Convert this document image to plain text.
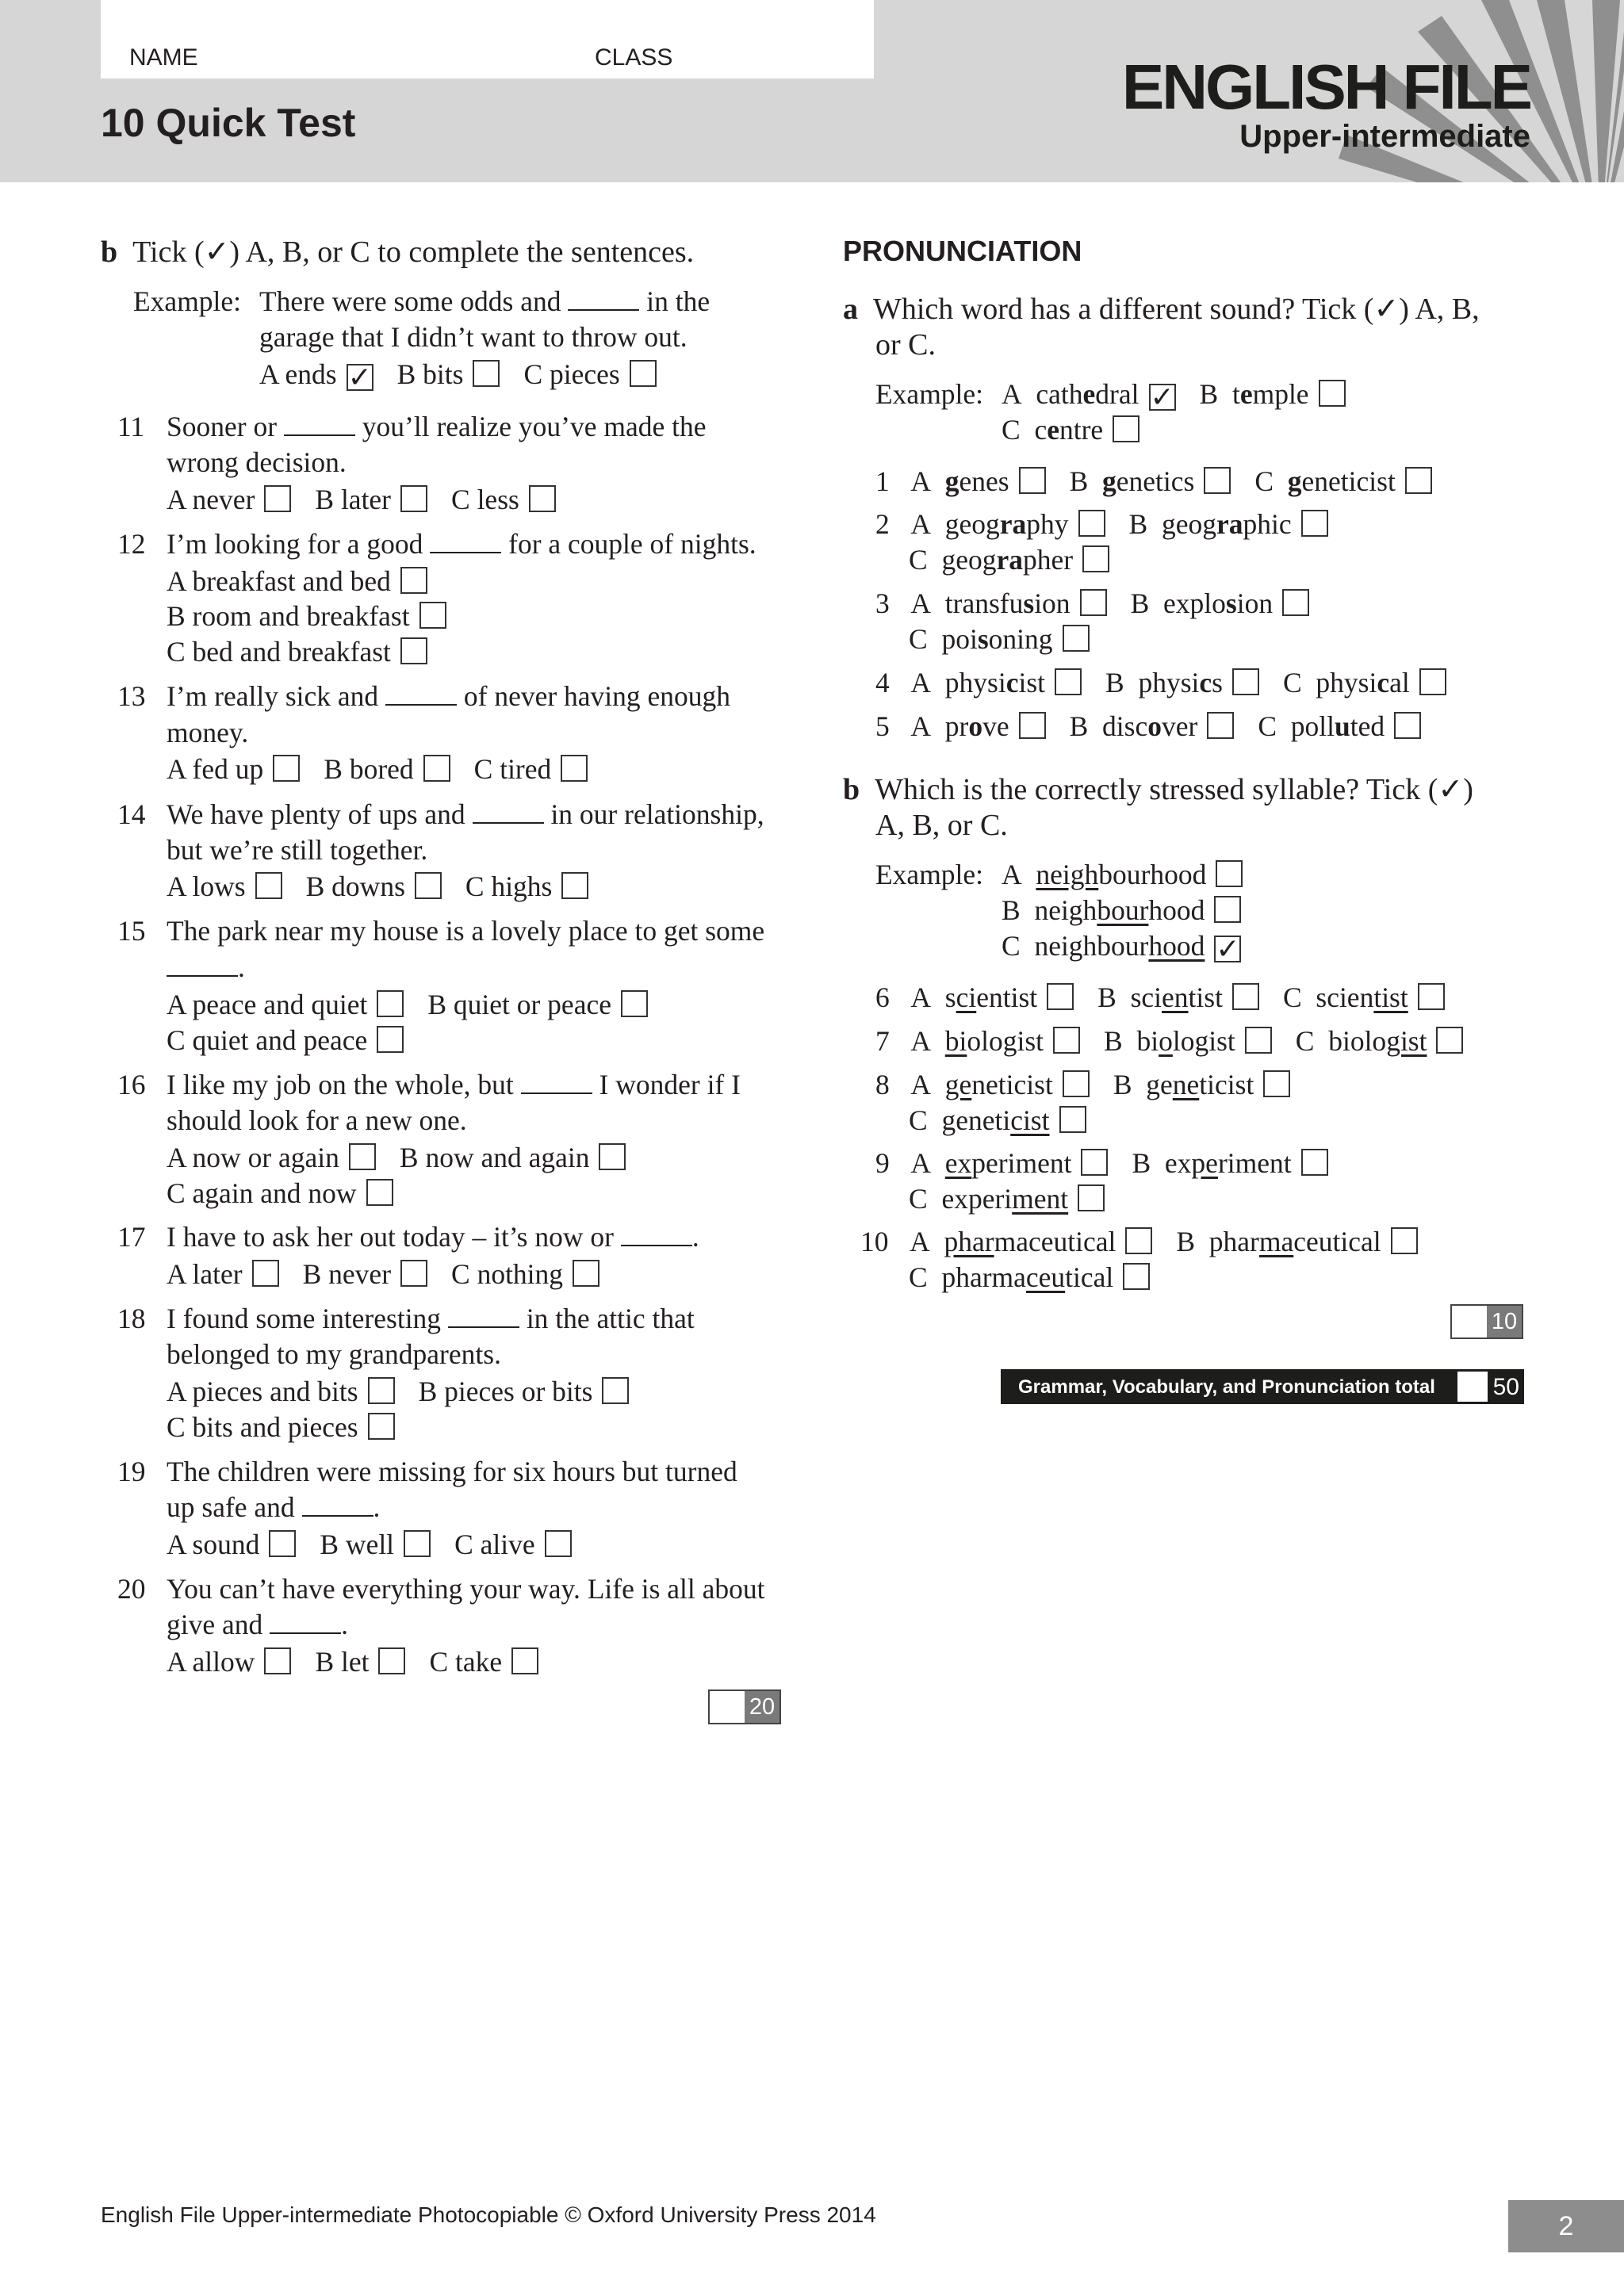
NAME	CLASS
10 Quick Test
ENGLISH FILE
Upper-intermediate
b Tick (✓) A, B, or C to complete the sentences.
Example: There were some odds and	in the
garage that I didn’t want to throw out.
A ends ✓ B bits C pieces
11 Sooner or	you’ll realize you’ve made the
wrong decision.
A never B later C less
12 I’m looking for a good	for a couple of nights.
A breakfast and bed
B room and breakfast
C bed and breakfast
13 I’m really sick and	of never having enough
money.
A fed up B bored C tired
14 We have plenty of ups and	in our relationship,
but we’re still together.
A lows B downs C highs
15 The park near my house is a lovely place to get some
.
A peace and quiet B quiet or peace
C quiet and peace
16 I like my job on the whole, but	I wonder if I
should look for a new one.
A now or again B now and again
C again and now
17 I have to ask her out today – it’s now or	.
A later B never C nothing
18 I found some interesting	in the attic that
belonged to my grandparents.
A pieces and bits B pieces or bits
C bits and pieces
19 The children were missing for six hours but turned
up safe and	.
A sound B well C alive
20 You can’t have everything your way. Life is all about
give and	.
A allow B let C take
20
PRONUNCIATION
a Which word has a different sound? Tick (✓) A, B,
or C.
Example: A cathedral ✓ B temple
C centre
1 A genes B genetics C geneticist
2 A geography B geographic
C geographer
3 A transfusion B explosion
C poisoning
4 A physicist B physics C physical
5 A prove B discover C polluted
b Which is the correctly stressed syllable? Tick (✓)
A, B, or C.
Example: A neighbourhood
B neighbourhood
C neighbourhood ✓
6 A scientist B scientist C scientist
7 A biologist B biologist C biologist
8 A geneticist B geneticist
C geneticist
9 A experiment B experiment
C experiment
10 A pharmaceutical B pharmaceutical
C pharmaceutical
10
Grammar, Vocabulary, and Pronunciation total 50
English File Upper-intermediate Photocopiable © Oxford University Press 2014	2
